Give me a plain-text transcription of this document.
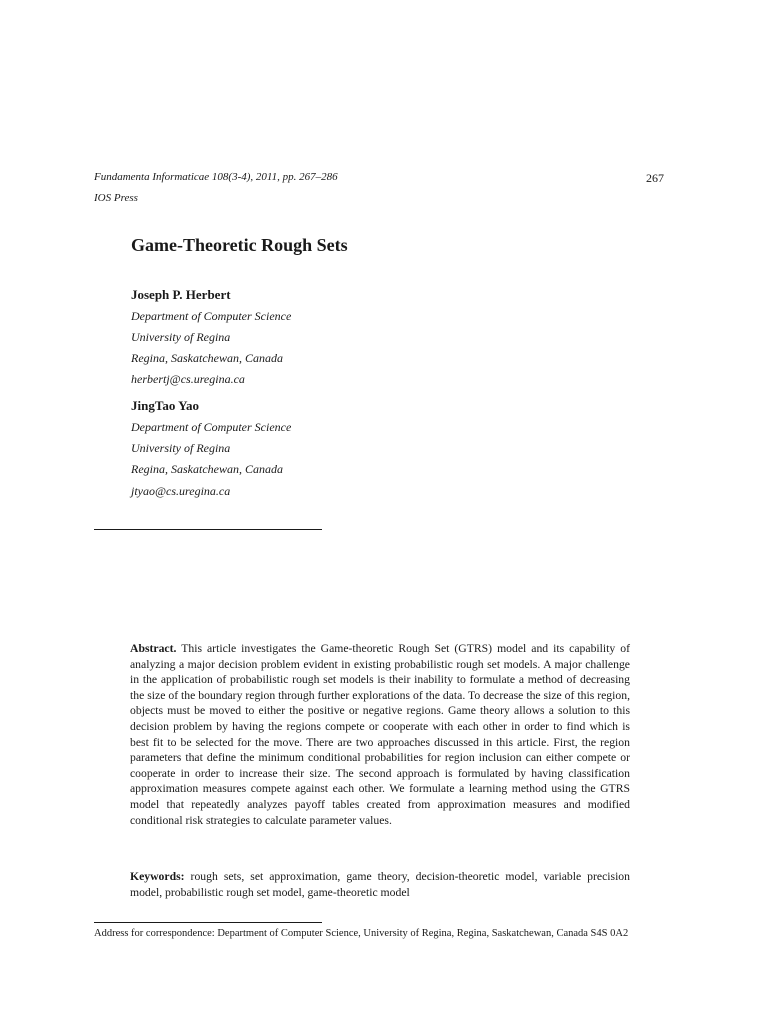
Fundamenta Informaticae 108(3-4), 2011, pp. 267–286	267
IOS Press
Game-Theoretic Rough Sets
Joseph P. Herbert
Department of Computer Science
University of Regina
Regina, Saskatchewan, Canada
herbertj@cs.uregina.ca
JingTao Yao
Department of Computer Science
University of Regina
Regina, Saskatchewan, Canada
jtyao@cs.uregina.ca
Abstract. This article investigates the Game-theoretic Rough Set (GTRS) model and its capability of analyzing a major decision problem evident in existing probabilistic rough set models. A major challenge in the application of probabilistic rough set models is their inability to formulate a method of decreasing the size of the boundary region through further explorations of the data. To decrease the size of this region, objects must be moved to either the positive or negative regions. Game theory allows a solution to this decision problem by having the regions compete or cooperate with each other in order to find which is best fit to be selected for the move. There are two approaches discussed in this article. First, the region parameters that define the minimum conditional probabilities for region inclusion can either compete or cooperate in order to increase their size. The second approach is formulated by having classification approximation measures compete against each other. We formulate a learning method using the GTRS model that repeatedly analyzes payoff tables created from approximation measures and modified conditional risk strategies to calculate parameter values.
Keywords: rough sets, set approximation, game theory, decision-theoretic model, variable precision model, probabilistic rough set model, game-theoretic model
Address for correspondence: Department of Computer Science, University of Regina, Regina, Saskatchewan, Canada S4S 0A2
